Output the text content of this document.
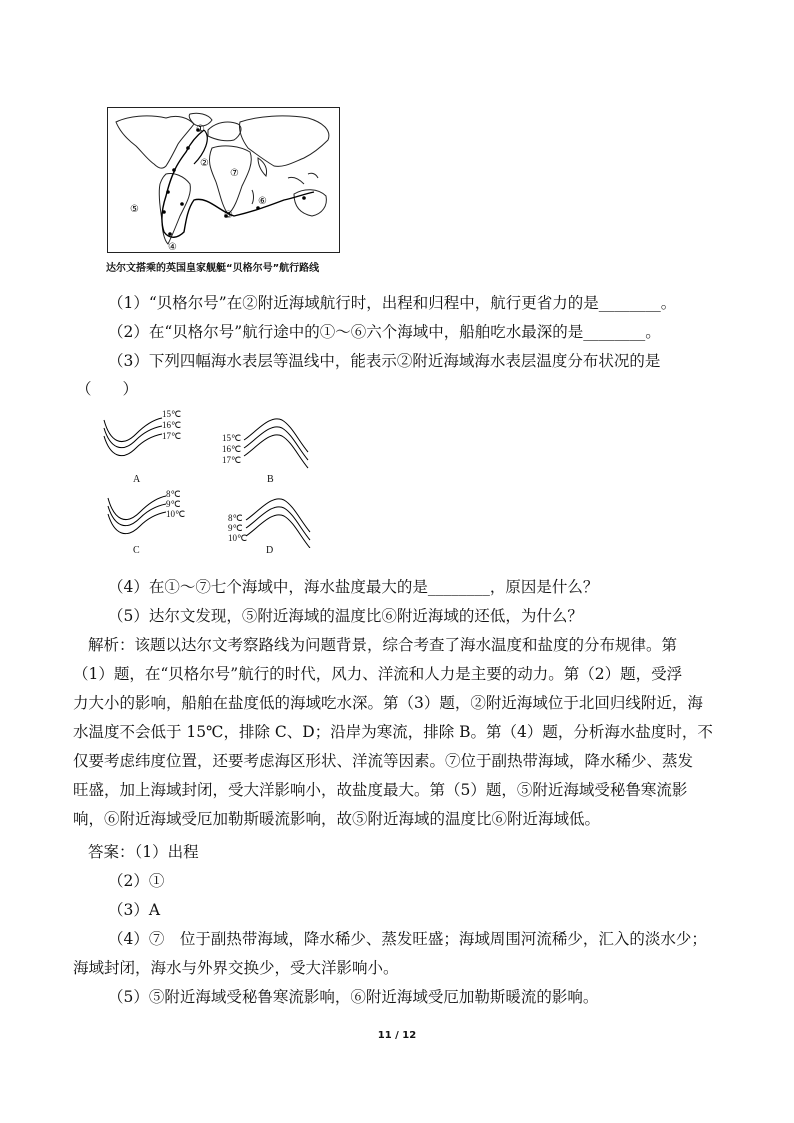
①
②
③
④
⑤
⑥
⑦
达尔文搭乘的英国皇家舰艇“贝格尔号”航行路线
（1）“贝格尔号”在②附近海域航行时，出程和归程中，航行更省力的是________。
（2）在“贝格尔号”航行途中的①～⑥六个海域中，船舶吃水最深的是________。
（3）下列四幅海水表层等温线中，能表示②附近海域海水表层温度分布状况的是
（　　）
15℃
16℃
17℃
A
15℃
16℃
17℃
B
8℃
9℃
10℃
C
8℃
9℃
10℃
D
（4）在①～⑦七个海域中，海水盐度最大的是________，原因是什么？
（5）达尔文发现，⑤附近海域的温度比⑥附近海域的还低，为什么？
解析：该题以达尔文考察路线为问题背景，综合考查了海水温度和盐度的分布规律。第
（1）题，在“贝格尔号”航行的时代，风力、洋流和人力是主要的动力。第（2）题，受浮
力大小的影响，船舶在盐度低的海域吃水深。第（3）题，②附近海域位于北回归线附近，海
水温度不会低于 15℃，排除 C、D；沿岸为寒流，排除 B。第（4）题，分析海水盐度时，不
仅要考虑纬度位置，还要考虑海区形状、洋流等因素。⑦位于副热带海域，降水稀少、蒸发
旺盛，加上海域封闭，受大洋影响小，故盐度最大。第（5）题，⑤附近海域受秘鲁寒流影
响，⑥附近海域受厄加勒斯暖流影响，故⑤附近海域的温度比⑥附近海域低。
答案：（1）出程
（2）①
（3）A
（4）⑦　位于副热带海域，降水稀少、蒸发旺盛；海域周围河流稀少，汇入的淡水少；
海域封闭，海水与外界交换少，受大洋影响小。
（5）⑤附近海域受秘鲁寒流影响，⑥附近海域受厄加勒斯暖流的影响。
11 / 12
